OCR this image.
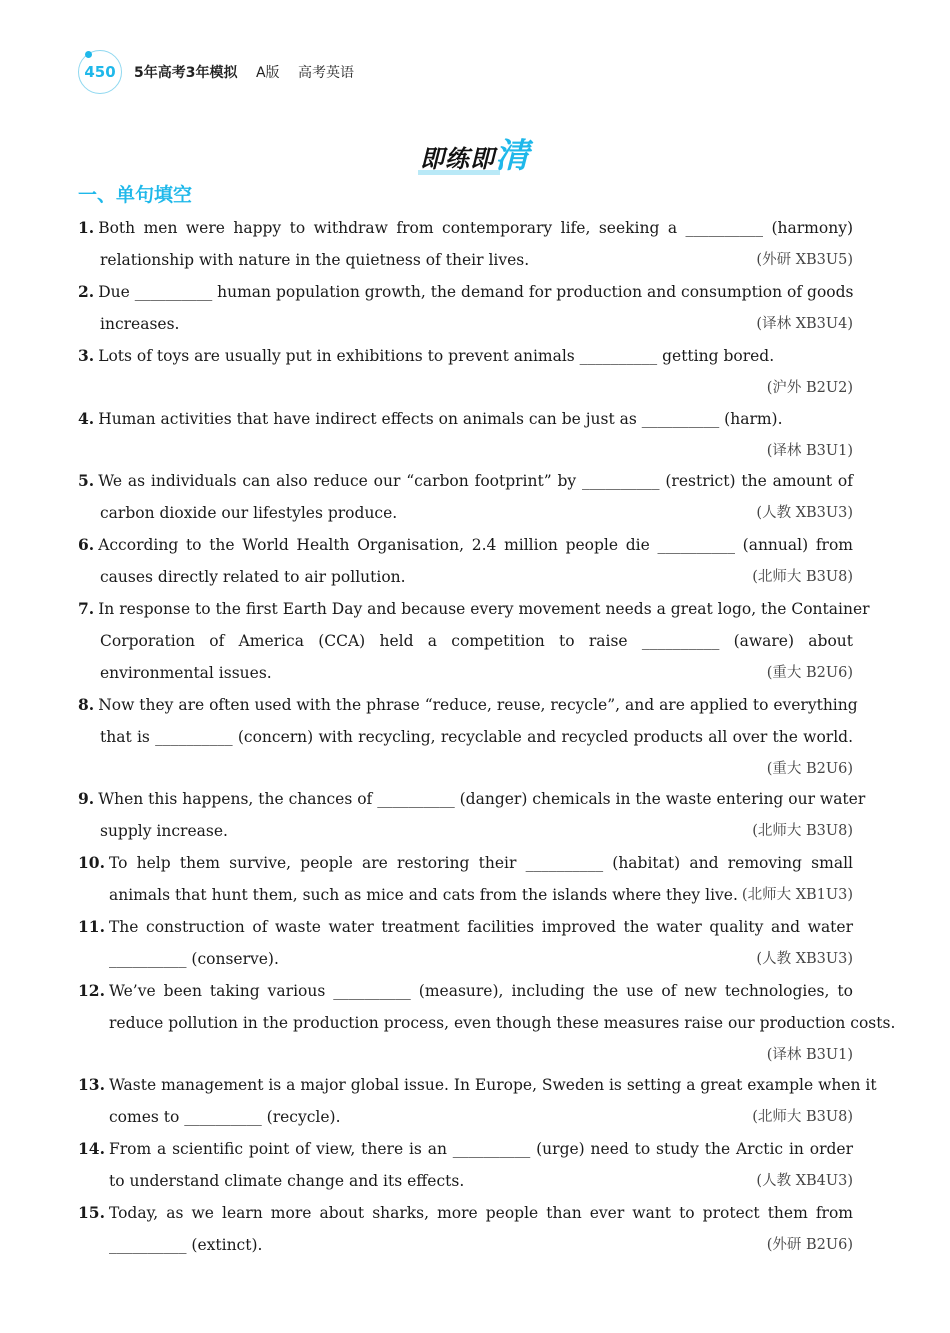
450 5年高考3年模拟 A版 高考英语
即练即清
一、单句填空
1. Both men were happy to withdraw from contemporary life, seeking a __________ (harmony)
relationship with nature in the quietness of their lives.	(外研 XB3U5)
2. Due __________ human population growth, the demand for production and consumption of goods
increases.	(译林 XB3U4)
3. Lots of toys are usually put in exhibitions to prevent animals __________ getting bored.
(沪外 B2U2)
4. Human activities that have indirect effects on animals can be just as __________ (harm).
(译林 B3U1)
5. We as individuals can also reduce our “carbon footprint” by __________ (restrict) the amount of
carbon dioxide our lifestyles produce.	(人教 XB3U3)
6. According to the World Health Organisation, 2.4 million people die __________ (annual) from
causes directly related to air pollution.	(北师大 B3U8)
7. In response to the first Earth Day and because every movement needs a great logo, the Container
Corporation of America (CCA) held a competition to raise __________ (aware) about
environmental issues.	(重大 B2U6)
8. Now they are often used with the phrase “reduce, reuse, recycle”, and are applied to everything
that is __________ (concern) with recycling, recyclable and recycled products all over the world.
(重大 B2U6)
9. When this happens, the chances of __________ (danger) chemicals in the waste entering our water
supply increase.	(北师大 B3U8)
10. To help them survive, people are restoring their __________ (habitat) and removing small
animals that hunt them, such as mice and cats from the islands where they live. (北师大 XB1U3)
11. The construction of waste water treatment facilities improved the water quality and water
__________ (conserve).	(人教 XB3U3)
12. We’ve been taking various __________ (measure), including the use of new technologies, to
reduce pollution in the production process, even though these measures raise our production costs.
(译林 B3U1)
13. Waste management is a major global issue. In Europe, Sweden is setting a great example when it
comes to __________ (recycle).	(北师大 B3U8)
14. From a scientific point of view, there is an __________ (urge) need to study the Arctic in order
to understand climate change and its effects.	(人教 XB4U3)
15. Today, as we learn more about sharks, more people than ever want to protect them from
__________ (extinct).	(外研 B2U6)
